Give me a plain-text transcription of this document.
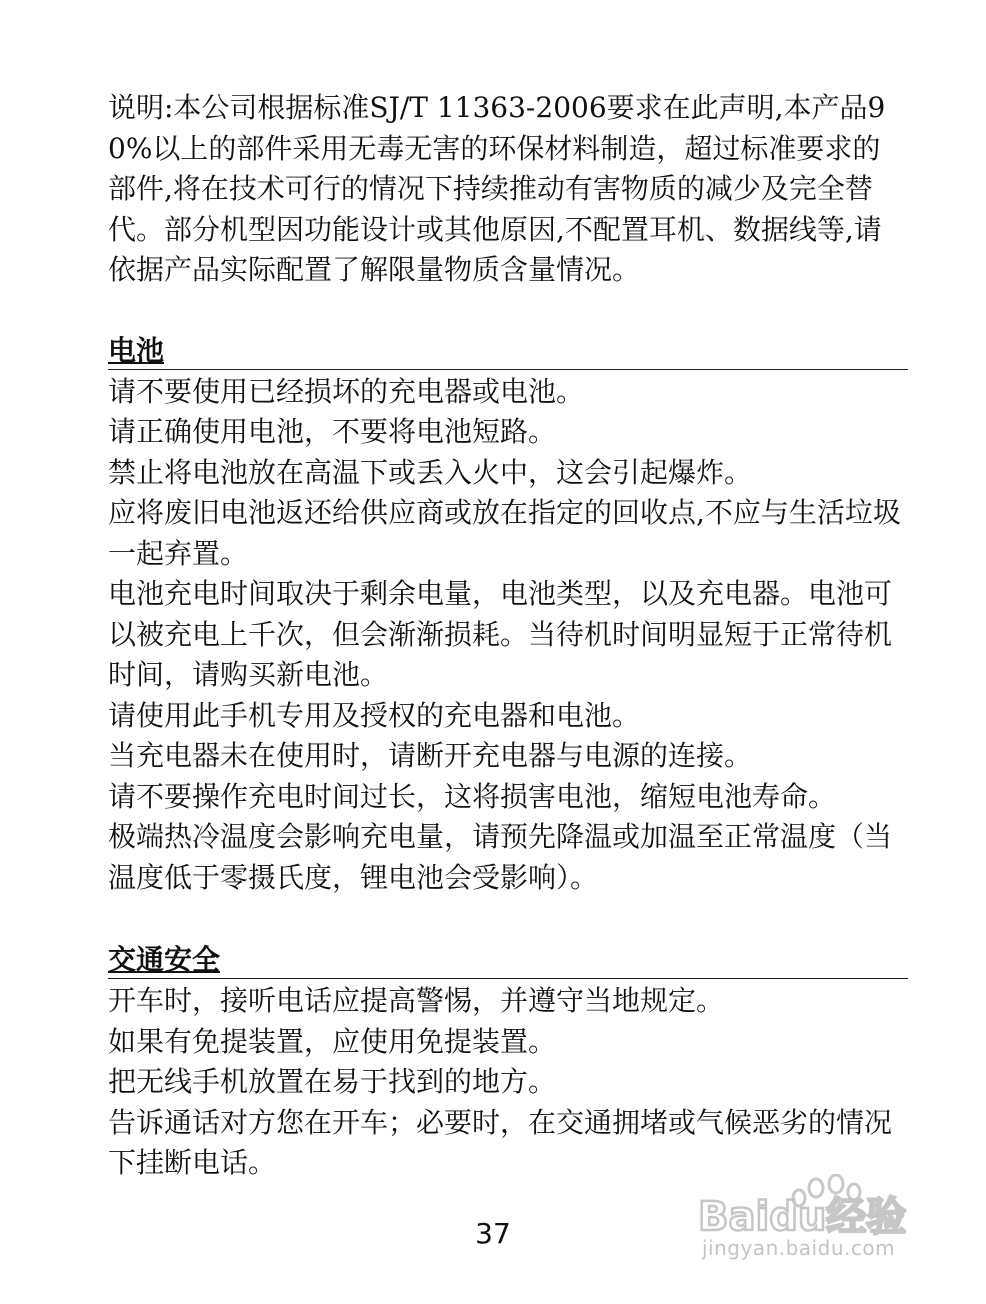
说明:本公司根据标准SJ/T 11363-2006要求在此声明,本产品90%以上的部件采用无毒无害的环保材料制造，超过标准要求的部件,将在技术可行的情况下持续推动有害物质的减少及完全替代。部分机型因功能设计或其他原因,不配置耳机、数据线等,请依据产品实际配置了解限量物质含量情况。

电池

请不要使用已经损坏的充电器或电池。

请正确使用电池，不要将电池短路。

禁止将电池放在高温下或丢入火中，这会引起爆炸。

应将废旧电池返还给供应商或放在指定的回收点,不应与生活垃圾一起弃置。

电池充电时间取决于剩余电量，电池类型，以及充电器。电池可以被充电上千次，但会渐渐损耗。当待机时间明显短于正常待机时间，请购买新电池。

请使用此手机专用及授权的充电器和电池。

当充电器未在使用时，请断开充电器与电源的连接。

请不要操作充电时间过长，这将损害电池，缩短电池寿命。

极端热冷温度会影响充电量，请预先降温或加温至正常温度（当温度低于零摄氏度，锂电池会受影响）。

交通安全

开车时，接听电话应提高警惕，并遵守当地规定。

如果有免提装置，应使用免提装置。

把无线手机放置在易于找到的地方。

告诉通话对方您在开车；必要时，在交通拥堵或气候恶劣的情况下挂断电话。

37	Baidu经验
jingyan.baidu.com
